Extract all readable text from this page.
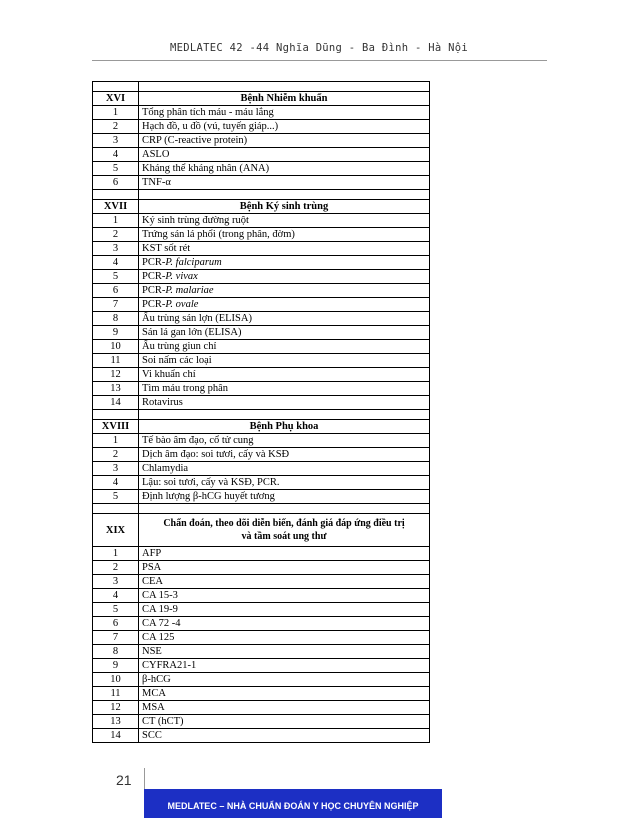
MEDLATEC 42 -44 Nghĩa Dũng - Ba Đình - Hà Nội

XVI	Bệnh Nhiễm khuẩn
1	Tổng phân tích máu - máu lắng
2	Hạch đồ, u đồ (vú, tuyến giáp...)
3	CRP (C-reactive protein)
4	ASLO
5	Kháng thể kháng nhân (ANA)
6	TNF-α

XVII	Bệnh Ký sinh trùng
1	Ký sinh trùng đường ruột
2	Trứng sán lá phổi (trong phân, đờm)
3	KST sốt rét
4	PCR-P. falciparum
5	PCR-P. vivax
6	PCR-P. malariae
7	PCR-P. ovale
8	Ấu trùng sán lợn (ELISA)
9	Sán lá gan lớn (ELISA)
10	Ấu trùng giun chỉ
11	Soi nấm các loại
12	Vi khuẩn chí
13	Tìm máu trong phân
14	Rotavirus

XVIII	Bệnh Phụ khoa
1	Tế bào âm đạo, cổ tử cung
2	Dịch âm đạo: soi tươi, cấy và KSĐ
3	Chlamydia
4	Lậu: soi tươi, cấy và KSĐ, PCR.
5	Định lượng β-hCG huyết tương

XIX	Chẩn đoán, theo dõi diễn biến, đánh giá đáp ứng điều trị
và tầm soát ung thư

1	AFP
2	PSA
3	CEA
4	CA 15-3
5	CA 19-9
6	CA 72 -4
7	CA 125
8	NSE
9	CYFRA21-1
10	β-hCG
11	MCA
12	MSA
13	CT (hCT)
14	SCC
21
MEDLATEC – NHÀ CHUẨN ĐOÁN Y HỌC CHUYÊN NGHIỆP
